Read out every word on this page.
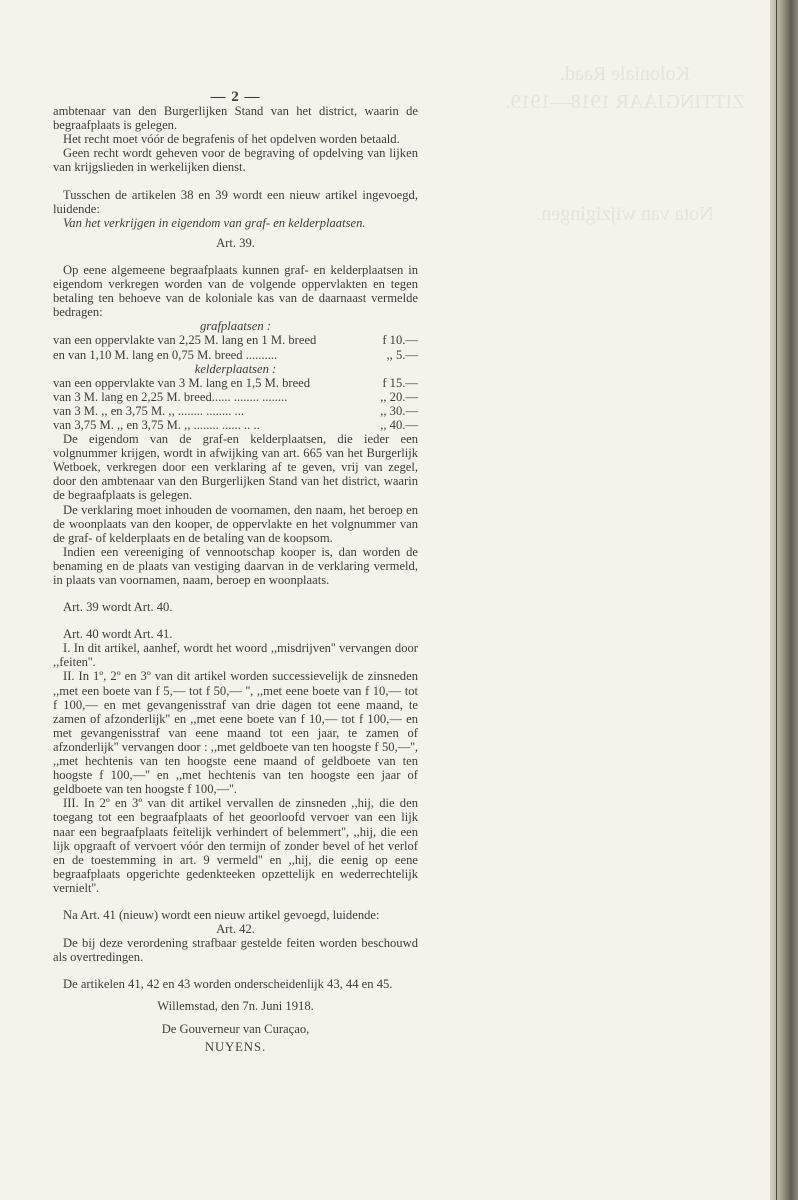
Koloniale Raad.
ZITTINGJAAR 1918—1919.

Nota van wijzigingen.

— 2 —

ambtenaar van den Burgerlijken Stand van het district, waarin de begraafplaats is gelegen.

Het recht moet vóór de begrafenis of het opdelven worden betaald.

Geen recht wordt geheven voor de begraving of opdelving van lijken van krijgslieden in werkelijken dienst.

Tusschen de artikelen 38 en 39 wordt een nieuw artikel ingevoegd, luidende:

Van het verkrijgen in eigendom van graf- en kelderplaatsen.

Art. 39.

Op eene algemeene begraafplaats kunnen graf- en kelderplaatsen in eigendom verkregen worden van de volgende oppervlakten en tegen betaling ten behoeve van de koloniale kas van de daarnaast vermelde bedragen:

grafplaatsen :

van een oppervlakte van 2,25 M. lang en 1 M. breed	f 10.—
en van 1,10 M. lang en 0,75 M. breed ..........	,, 5.—

kelderplaatsen :

van een oppervlakte van 3 M. lang en 1,5 M. breed	f 15.—
van 3 M. lang en 2,25 M. breed...... ........ ........	,, 20.—
van 3 M. ,, en 3,75 M. ,, ........ ........ ...	,, 30.—
van 3,75 M. ,, en 3,75 M. ,, ........ ...... .. ..	,, 40.—

De eigendom van de graf-en kelderplaatsen, die ieder een volgnummer krijgen, wordt in afwijking van art. 665 van het Burgerlijk Wetboek, verkregen door een verklaring af te geven, vrij van zegel, door den ambtenaar van den Burgerlijken Stand van het district, waarin de begraafplaats is gelegen.

De verklaring moet inhouden de voornamen, den naam, het beroep en de woonplaats van den kooper, de oppervlakte en het volgnummer van de graf- of kelderplaats en de betaling van de koopsom.

Indien een vereeniging of vennootschap kooper is, dan worden de benaming en de plaats van vestiging daarvan in de verklaring vermeld, in plaats van voornamen, naam, beroep en woonplaats.

Art. 39 wordt Art. 40.

Art. 40 wordt Art. 41.

I. In dit artikel, aanhef, wordt het woord ,,misdrijven'' vervangen door ,,feiten''.

II. In 1º, 2º en 3º van dit artikel worden successievelijk de zinsneden ,,met een boete van f 5,— tot f 50,— '', ,,met eene boete van f 10,— tot f 100,— en met gevangenisstraf van drie dagen tot eene maand, te zamen of afzonderlijk'' en ,,met eene boete van f 10,— tot f 100,— en met gevangenisstraf van eene maand tot een jaar, te zamen of afzonderlijk'' vervangen door : ,,met geldboete van ten hoogste f 50,—'', ,,met hechtenis van ten hoogste eene maand of geldboete van ten hoogste f 100,—'' en ,,met hechtenis van ten hoogste een jaar of geldboete van ten hoogste f 100,—''.

III. In 2º en 3º van dit artikel vervallen de zinsneden ,,hij, die den toegang tot een begraafplaats of het geoorloofd vervoer van een lijk naar een begraafplaats feitelijk verhindert of belemmert'', ,,hij, die een lijk opgraaft of vervoert vóór den termijn of zonder bevel of het verlof en de toestemming in art. 9 vermeld'' en ,,hij, die eenig op eene begraafplaats opgerichte gedenkteeken opzettelijk en wederrechtelijk vernielt''.

Na Art. 41 (nieuw) wordt een nieuw artikel gevoegd, luidende:

Art. 42.

De bij deze verordening strafbaar gestelde feiten worden beschouwd als overtredingen.

De artikelen 41, 42 en 43 worden onderscheidenlijk 43, 44 en 45.

Willemstad, den 7n. Juni 1918.

De Gouverneur van Curaçao,

NUYENS.
